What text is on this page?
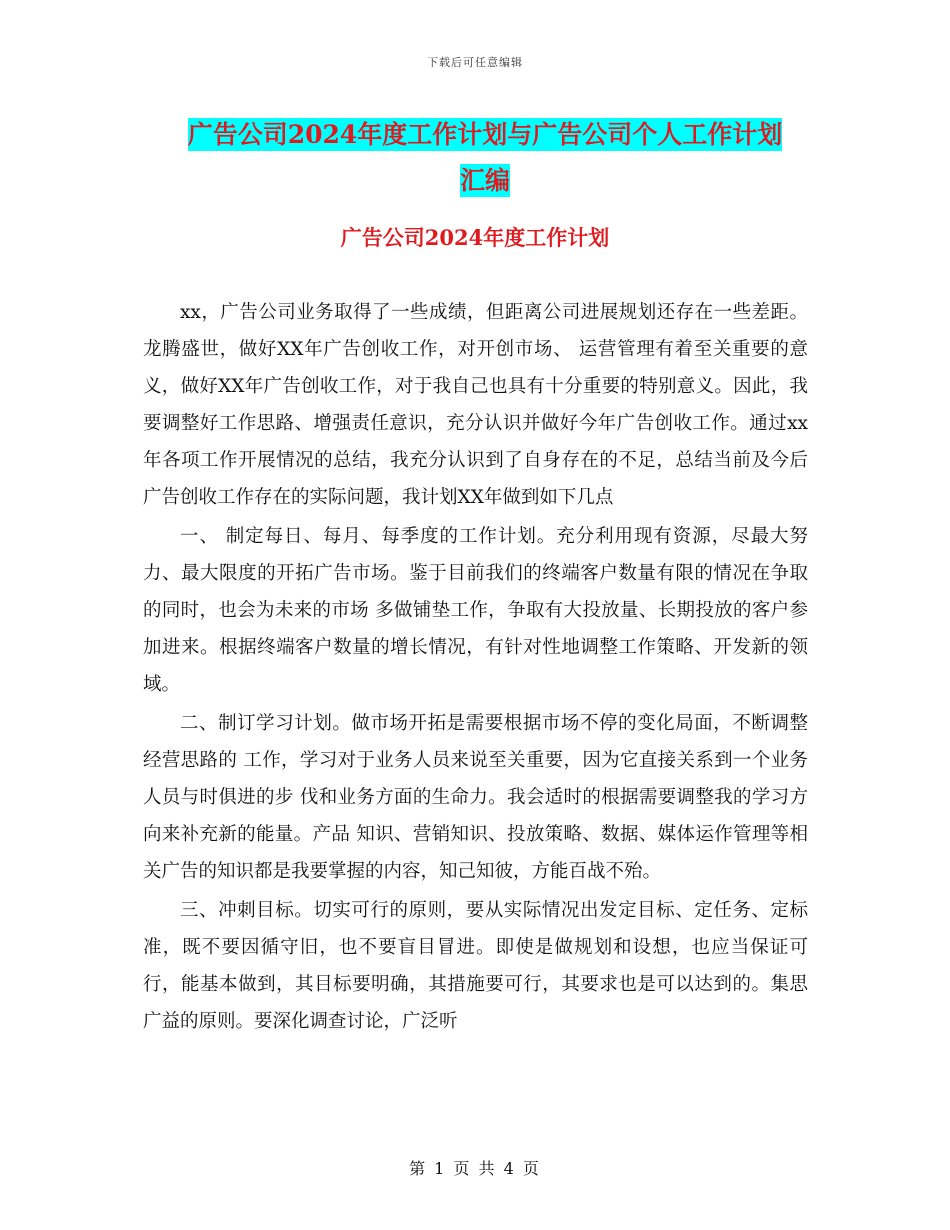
下载后可任意编辑
广告公司2024年度工作计划与广告公司个人工作计划
汇编
广告公司2024年度工作计划

xx，广告公司业务取得了一些成绩，但距离公司进展规划还存在一些差距。龙腾盛世，做好XX年广告创收工作，对开创市场、 运营管理有着至关重要的意义，做好XX年广告创收工作，对于我自己也具有十分重要的特别意义。因此，我要调整好工作思路、增强责任意识，充分认识并做好今年广告创收工作。通过xx年各项工作开展情况的总结，我充分认识到了自身存在的不足，总结当前及今后广告创收工作存在的实际问题，我计划XX年做到如下几点

一、 制定每日、每月、每季度的工作计划。充分利用现有资源，尽最大努力、最大限度的开拓广告市场。鉴于目前我们的终端客户数量有限的情况在争取的同时，也会为未来的市场 多做铺垫工作，争取有大投放量、长期投放的客户参加进来。根据终端客户数量的增长情况，有针对性地调整工作策略、开发新的领域。

二、制订学习计划。做市场开拓是需要根据市场不停的变化局面，不断调整经营思路的 工作，学习对于业务人员来说至关重要，因为它直接关系到一个业务人员与时俱进的步 伐和业务方面的生命力。我会适时的根据需要调整我的学习方向来补充新的能量。产品 知识、营销知识、投放策略、数据、媒体运作管理等相关广告的知识都是我要掌握的内容，知己知彼，方能百战不殆。

三、冲刺目标。切实可行的原则，要从实际情况出发定目标、定任务、定标准，既不要因循守旧，也不要盲目冒进。即使是做规划和设想，也应当保证可行，能基本做到，其目标要明确，其措施要可行，其要求也是可以达到的。集思广益的原则。要深化调查讨论，广泛听

第 1 页 共 4 页
